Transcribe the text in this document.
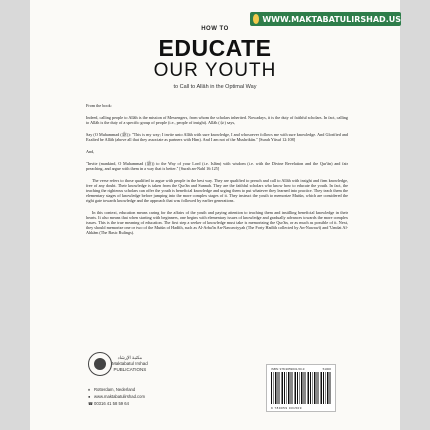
WWW.MAKTABATULIRSHAD.US
HOW TO
EDUCATE
OUR YOUTH
to Call to Allāh in the Optimal Way

From the book:

Indeed, calling people to Allāh is the mission of Messengers, from whom the scholars inherited. Nowadays, it is the duty of faithful scholars. In fact, calling to Allāh is the duty of a specific group of people (i.e., people of insight). Allāh (ﷻ) says,

Say (O Muhammad (ﷺ)): "This is my way; I invite unto Allāh with sure knowledge, I and whosoever follows me with sure knowledge. And Glorified and Exalted be Allāh (above all that they associate as partners with Him). And I am not of the Mushrikūn." [Surah Yūsuf 12:108]

And,

"Invite (mankind, O Muhammad (ﷺ)) to the Way of your Lord (i.e. Islām) with wisdom (i.e. with the Divine Revelation and the Qur'ān) and fair preaching, and argue with them in a way that is better." [Surah an-Nahl 16:125]

The verse refers to those qualified to argue with people in the best way. They are qualified to preach and call to Allāh with insight and firm knowledge, free of any doubt. Their knowledge is taken from the Qur'ān and Sunnah. They are the faithful scholars who know how to educate the youth. In fact, the teaching the righteous scholars can offer the youth is beneficial knowledge and urging them to put whatever they learned into practice. They teach them the elementary stages of knowledge before jumping into the more complex stages of it. They instruct the youth to memorize Mutūn, which are considered the right gate towards knowledge and the approach that was followed by earlier generations.

In this context, education means caring for the affairs of the youth and paying attention to teaching them and instilling beneficial knowledge in their hearts. It also means that when starting with beginners, one begins with elementary issues of knowledge and gradually advances towards the more complex issues. This is the true meaning of education. The first step a seeker of knowledge must take is memorizing the Qur'ān, or as much as possible of it. Next, they should memorize one or two of the Mutūn of Hadīth, such as Al-Arba'īn An-Nawawiyyah (The Forty Hadīth collected by An-Nawawī) and 'Umdat Al-Ahkām (The Basic Rulings).

مكتبة الإرشاد
Maktabatul Irshad
PUBLICATIONS
♦ Rotterdam, Nederland
● www.maktabatulirshad.com
☎00316 41 58 59 64
ISBN: 978-9059031-50-9	51000
9 789059 031509
